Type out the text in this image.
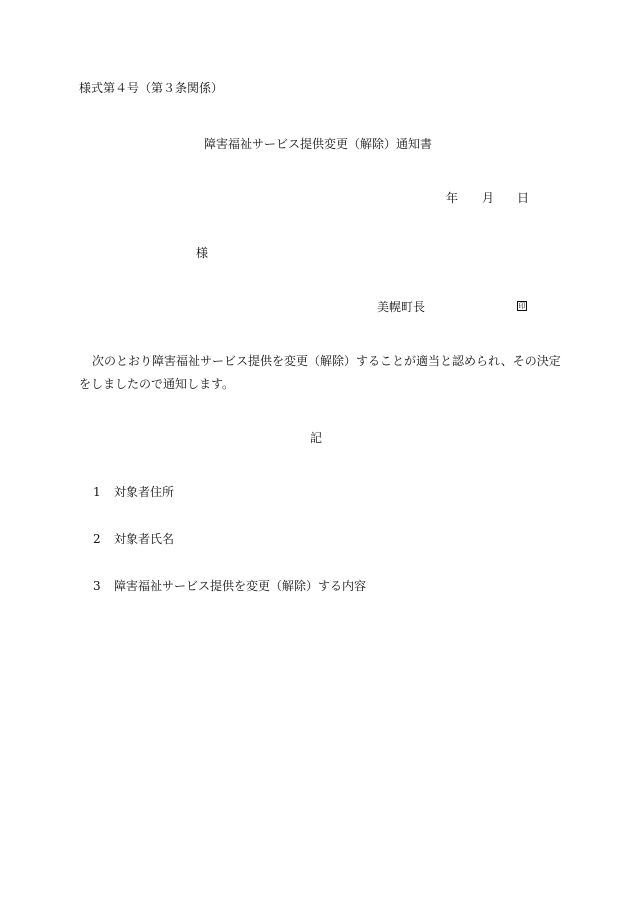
様式第４号（第３条関係）
障害福祉サービス提供変更（解除）通知書
年 月 日
様
美幌町長	印
次のとおり障害福祉サービス提供を変更（解除）することが適当と認められ、その決定
をしましたので通知します。
記
1 対象者住所
2 対象者氏名
3 障害福祉サービス提供を変更（解除）する内容
